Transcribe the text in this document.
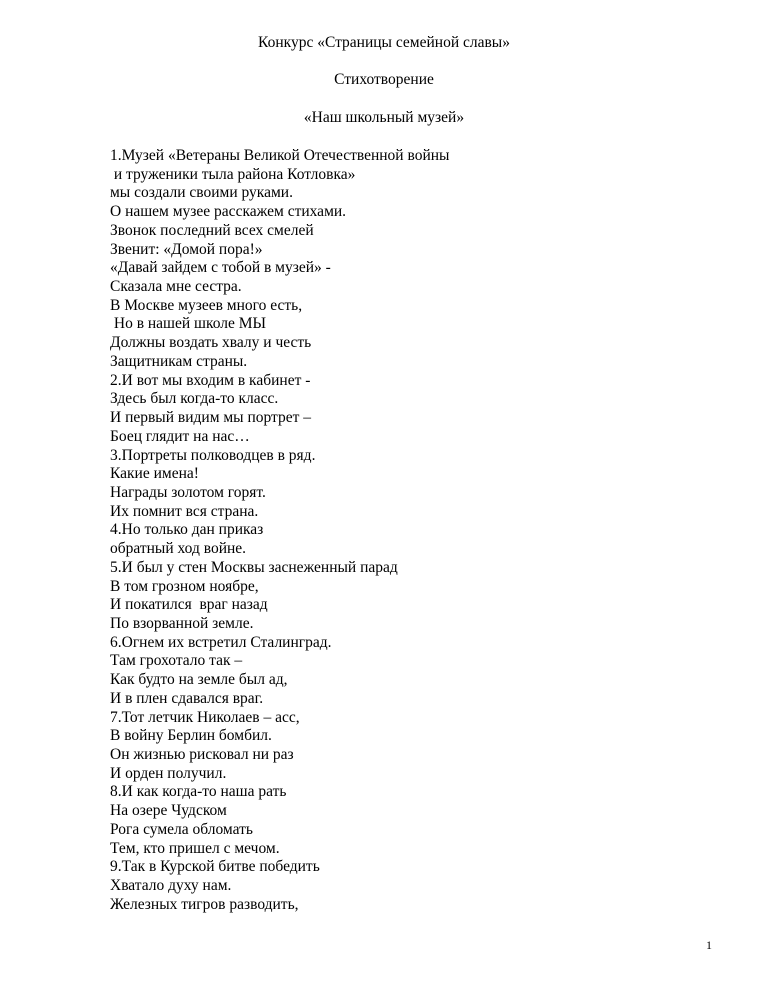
Конкурс «Страницы семейной славы»
Стихотворение
«Наш школьный музей»
1.Музей «Ветераны Великой Отечественной войны
и труженики тыла района Котловка»
мы создали своими руками.
О нашем музее расскажем стихами.
Звонок последний всех смелей
Звенит: «Домой пора!»
«Давай зайдем с тобой в музей» -
Сказала мне сестра.
В Москве музеев много есть,
Но в нашей школе МЫ
Должны воздать хвалу и честь
Защитникам страны.
2.И вот мы входим в кабинет -
Здесь был когда-то класс.
И первый видим мы портрет –
Боец глядит на нас…
3.Портреты полководцев в ряд.
Какие имена!
Награды золотом горят.
Их помнит вся страна.
4.Но только дан приказ
обратный ход войне.
5.И был у стен Москвы заснеженный парад
В том грозном ноябре,
И покатился  враг назад
По взорванной земле.
6.Огнем их встретил Сталинград.
Там грохотало так –
Как будто на земле был ад,
И в плен сдавался враг.
7.Тот летчик Николаев – асс,
В войну Берлин бомбил.
Он жизнью рисковал ни раз
И орден получил.
8.И как когда-то наша рать
На озере Чудском
Рога сумела обломать
Тем, кто пришел с мечом.
9.Так в Курской битве победить
Хватало духу нам.
Железных тигров разводить,
1
